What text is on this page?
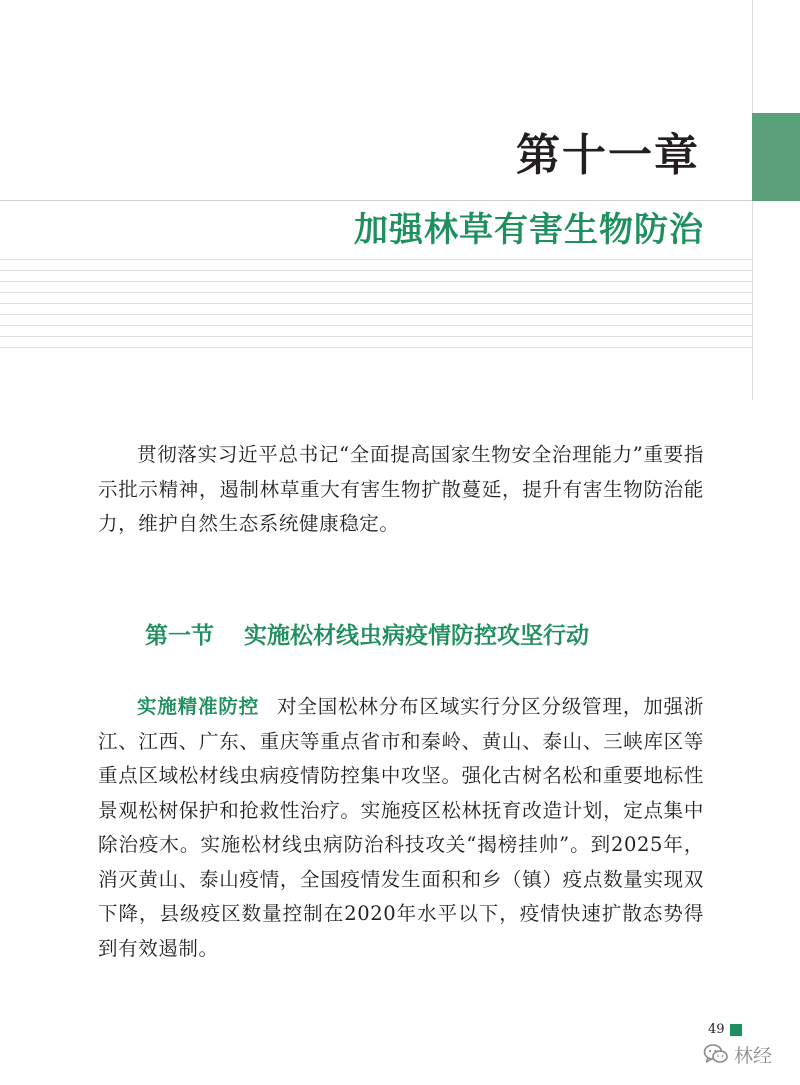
第十一章
加强林草有害生物防治

贯彻落实习近平总书记“全面提高国家生物安全治理能力”重要指示批示精神，遏制林草重大有害生物扩散蔓延，提升有害生物防治能力，维护自然生态系统健康稳定。

第一节 实施松材线虫病疫情防控攻坚行动

实施精准防控 对全国松林分布区域实行分区分级管理，加强浙江、江西、广东、重庆等重点省市和秦岭、黄山、泰山、三峡库区等重点区域松材线虫病疫情防控集中攻坚。强化古树名松和重要地标性景观松树保护和抢救性治疗。实施疫区松林抚育改造计划，定点集中除治疫木。实施松材线虫病防治科技攻关“揭榜挂帅”。到2025年，消灭黄山、泰山疫情，全国疫情发生面积和乡（镇）疫点数量实现双下降，县级疫区数量控制在2020年水平以下，疫情快速扩散态势得到有效遏制。

49
林经
